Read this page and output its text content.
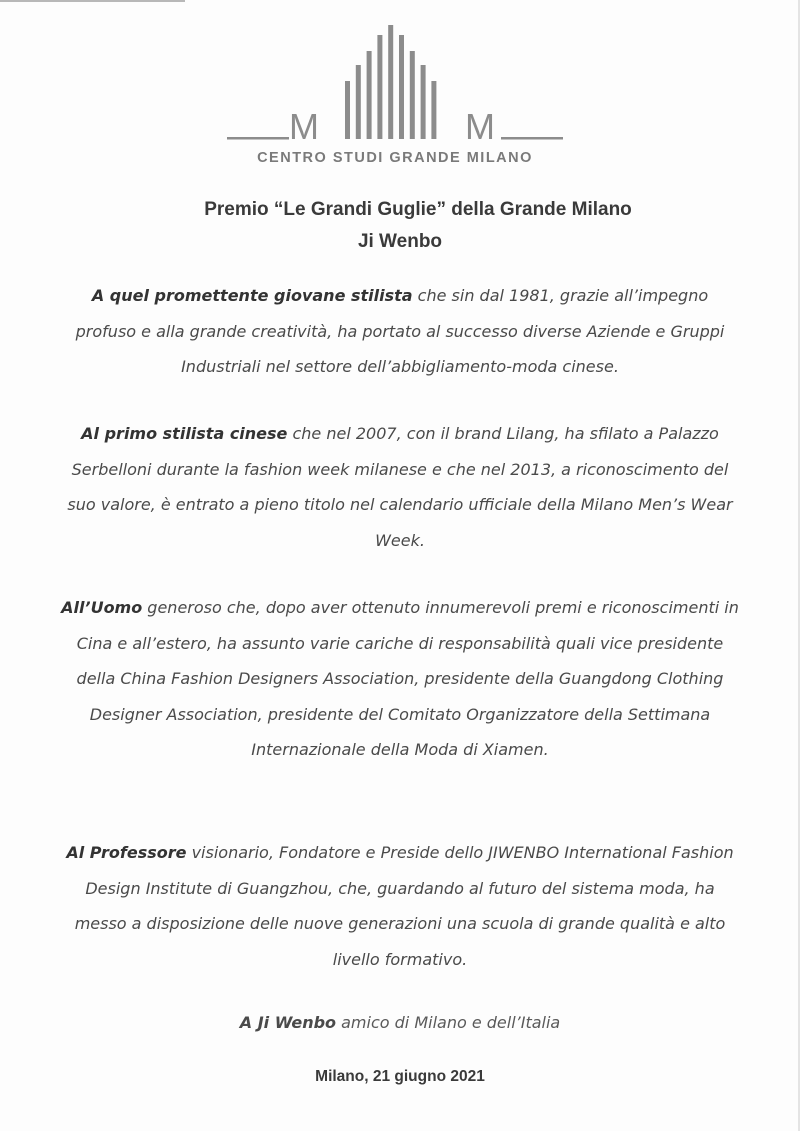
M	M
CENTRO STUDI GRANDE MILANO
Premio “Le Grandi Guglie” della Grande Milano
Ji Wenbo
A quel promettente giovane stilista che sin dal 1981, grazie all’impegno profuso e alla grande creatività, ha portato al successo diverse Aziende e Gruppi Industriali nel settore dell’abbigliamento-moda cinese.
Al primo stilista cinese che nel 2007, con il brand Lilang, ha sfilato a Palazzo Serbelloni durante la fashion week milanese e che nel 2013, a riconoscimento del suo valore, è entrato a pieno titolo nel calendario ufficiale della Milano Men’s Wear Week.
All’Uomo generoso che, dopo aver ottenuto innumerevoli premi e riconoscimenti in Cina e all’estero, ha assunto varie cariche di responsabilità quali vice presidente della China Fashion Designers Association, presidente della Guangdong Clothing Designer Association, presidente del Comitato Organizzatore della Settimana Internazionale della Moda di Xiamen.
Al Professore visionario, Fondatore e Preside dello JIWENBO International Fashion Design Institute di Guangzhou, che, guardando al futuro del sistema moda, ha messo a disposizione delle nuove generazioni una scuola di grande qualità e alto livello formativo.
A Ji Wenbo amico di Milano e dell’Italia
Milano, 21 giugno 2021
